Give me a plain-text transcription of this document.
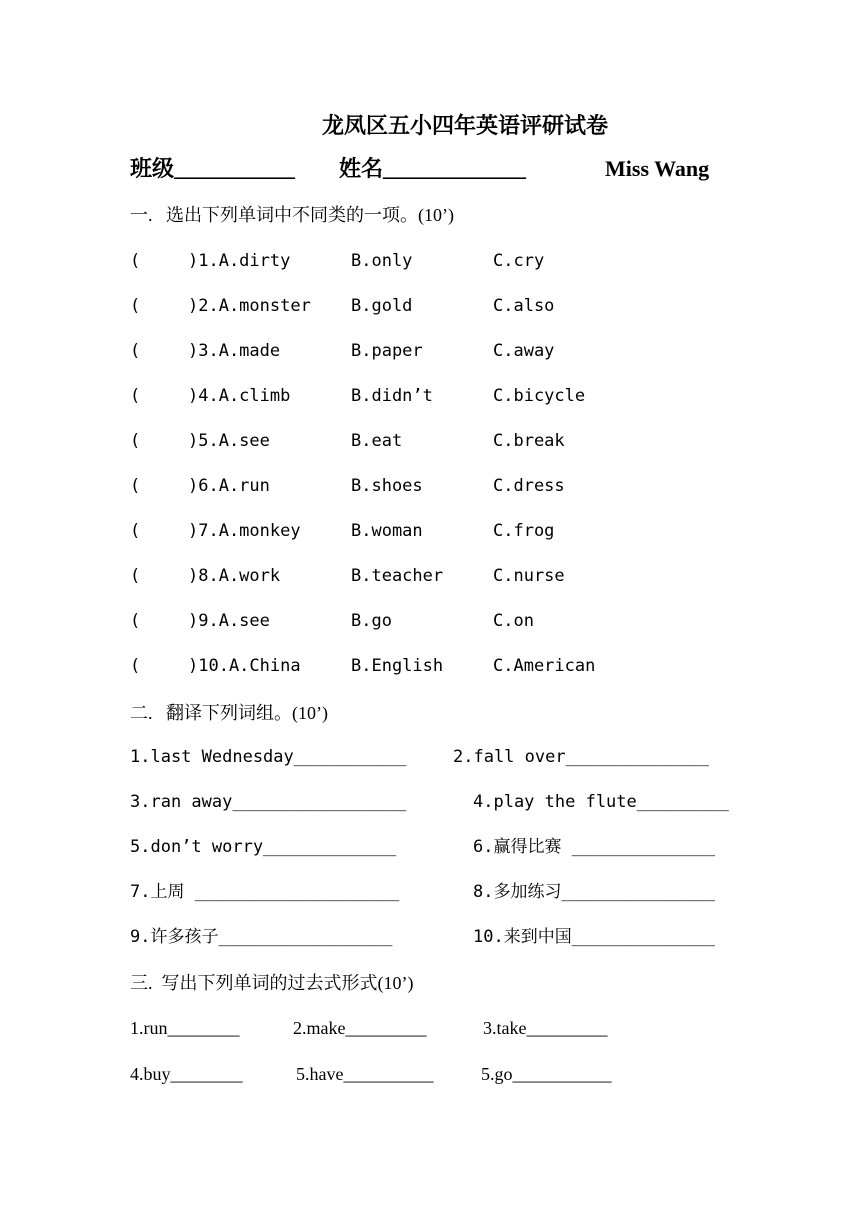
龙凤区五小四年英语评研试卷
班级___________ 姓名_____________	Miss Wang
一.   选出下列单词中不同类的一项。(10’)
(	)1.A.dirty	B.only	C.cry
(	)2.A.monster B.gold	C.also
(	)3.A.made	B.paper	C.away
(	)4.A.climb	B.didn’t	C.bicycle
(	)5.A.see	B.eat	C.break
(	)6.A.run	B.shoes	C.dress
(	)7.A.monkey	B.woman	C.frog
(	)8.A.work	B.teacher	C.nurse
(	)9.A.see	B.go	C.on
(	)10.A.China	B.English	C.American
二.   翻译下列词组。(10’)
1.last Wednesday___________	2.fall over______________
3.ran away_________________	4.play the flute_________
5.don’t worry_____________	6.赢得比赛 ______________
7.上周 ____________________	8.多加练习_______________
9.许多孩子_________________	10.来到中国______________
三.  写出下列单词的过去式形式(10’)
1.run________	2.make_________	3.take_________
4.buy________	5.have__________	5.go___________
